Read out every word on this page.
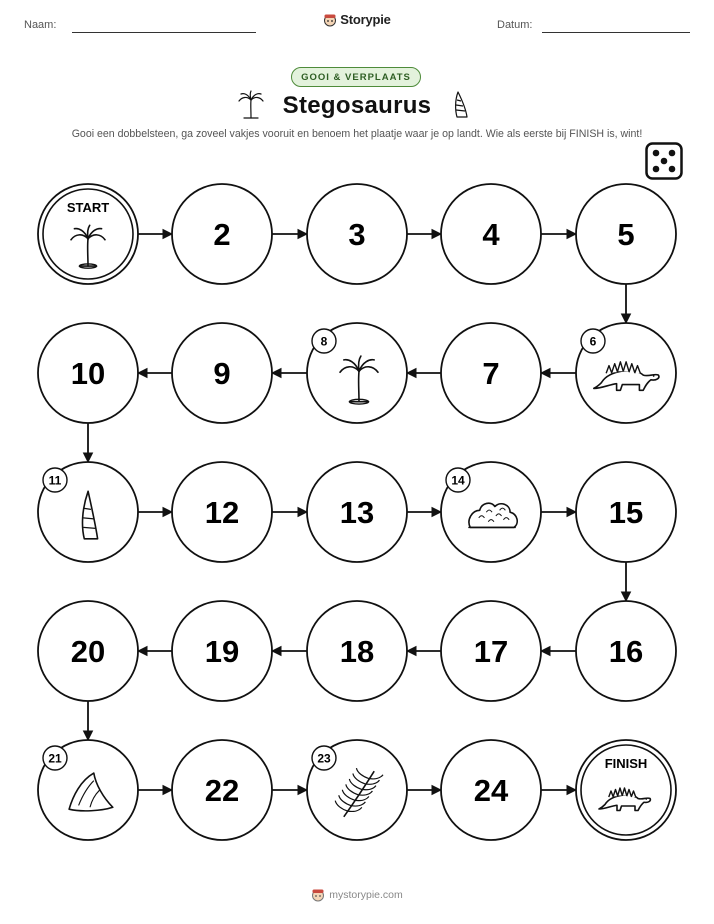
Naam:	Storypie	Datum:
GOOI & VERPLAATS
Stegosaurus
Gooi een dobbelsteen, ga zoveel vakjes vooruit en benoem het plaatje waar je op landt. Wie als eerste bij FINISH is, wint!
START
2	3	4	5
6
7
8
9
10
11
12	13
14
15
16
17
18
19
20
21
22
23
24
FINISH
mystorypie.com
